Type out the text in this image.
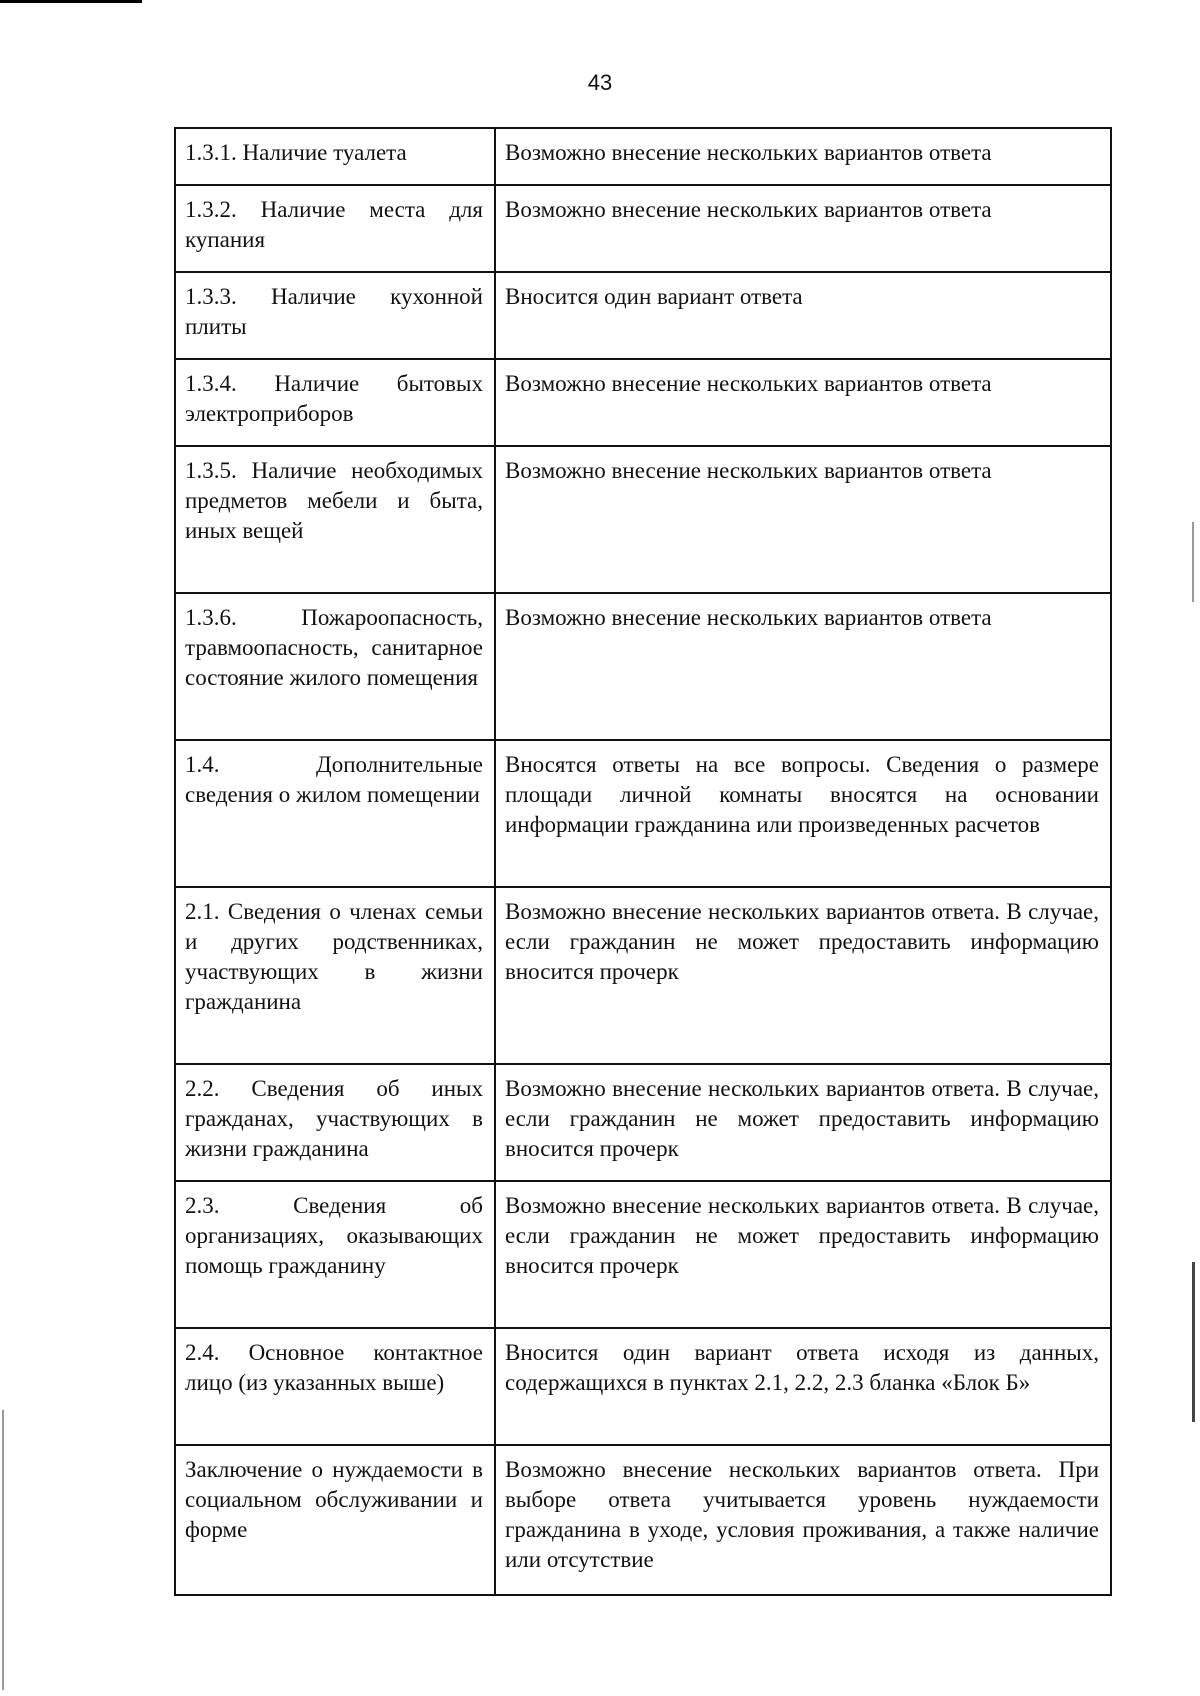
43
1.3.1. Наличие туалета	Возможно внесение нескольких вариантов ответа
1.3.2. Наличие места для купания	Возможно внесение нескольких вариантов ответа
1.3.3. Наличие кухонной плиты	Вносится один вариант ответа
1.3.4. Наличие бытовых электроприборов	Возможно внесение нескольких вариантов ответа
1.3.5. Наличие необходимых предметов мебели и быта, иных вещей	Возможно внесение нескольких вариантов ответа
1.3.6. Пожароопасность, травмоопасность, санитарное состояние жилого помещения	Возможно внесение нескольких вариантов ответа
1.4. Дополнительные сведения о жилом помещении	Вносятся ответы на все вопросы. Сведения о размере площади личной комнаты вносятся на основании информации гражданина или произведенных расчетов
2.1. Сведения о членах семьи и других родственниках, участвующих в жизни гражданина	Возможно внесение нескольких вариантов ответа. В случае, если гражданин не может предоставить информацию вносится прочерк
2.2. Сведения об иных гражданах, участвующих в жизни гражданина	Возможно внесение нескольких вариантов ответа. В случае, если гражданин не может предоставить информацию вносится прочерк
2.3. Сведения об организациях, оказывающих помощь гражданину	Возможно внесение нескольких вариантов ответа. В случае, если гражданин не может предоставить информацию вносится прочерк
2.4. Основное контактное лицо (из указанных выше)	Вносится один вариант ответа исходя из данных, содержащихся в пунктах 2.1, 2.2, 2.3 бланка «Блок Б»
Заключение о нуждаемости в социальном обслуживании и форме	Возможно внесение нескольких вариантов ответа. При выборе ответа учитывается уровень нуждаемости гражданина в уходе, условия проживания, а также наличие или отсутствие
